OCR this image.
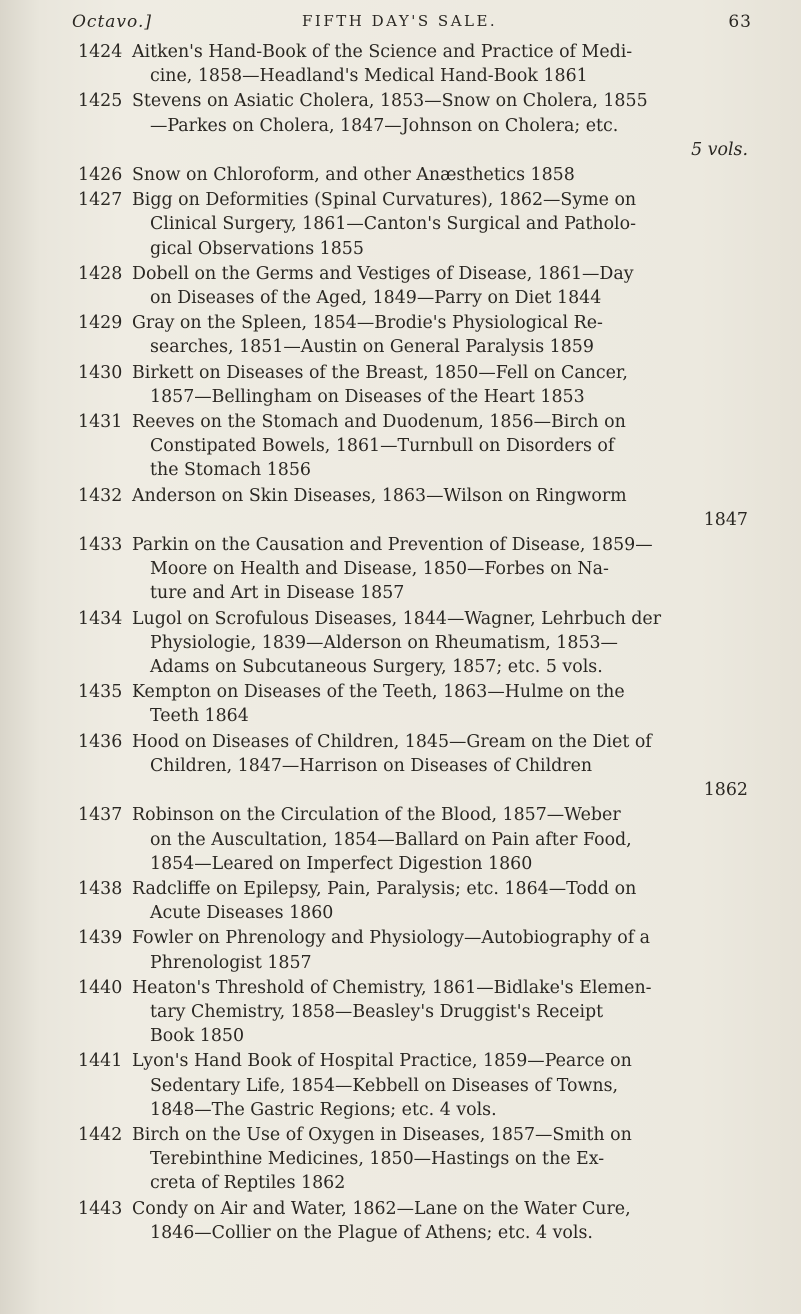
Octavo.]	FIFTH DAY'S SALE.	63
1424 Aitken's Hand-Book of the Science and Practice of Medi-
cine, 1858—Headland's Medical Hand-Book 1861
1425 Stevens on Asiatic Cholera, 1853—Snow on Cholera, 1855
—Parkes on Cholera, 1847—Johnson on Cholera; etc.
5 vols.
1426 Snow on Chloroform, and other Anæsthetics 1858
1427 Bigg on Deformities (Spinal Curvatures), 1862—Syme on
Clinical Surgery, 1861—Canton's Surgical and Patholo-
gical Observations 1855
1428 Dobell on the Germs and Vestiges of Disease, 1861—Day
on Diseases of the Aged, 1849—Parry on Diet 1844
1429 Gray on the Spleen, 1854—Brodie's Physiological Re-
searches, 1851—Austin on General Paralysis 1859
1430 Birkett on Diseases of the Breast, 1850—Fell on Cancer,
1857—Bellingham on Diseases of the Heart 1853
1431 Reeves on the Stomach and Duodenum, 1856—Birch on
Constipated Bowels, 1861—Turnbull on Disorders of
the Stomach 1856
1432 Anderson on Skin Diseases, 1863—Wilson on Ringworm
1847
1433 Parkin on the Causation and Prevention of Disease, 1859—
Moore on Health and Disease, 1850—Forbes on Na-
ture and Art in Disease 1857
1434 Lugol on Scrofulous Diseases, 1844—Wagner, Lehrbuch der
Physiologie, 1839—Alderson on Rheumatism, 1853—
Adams on Subcutaneous Surgery, 1857; etc. 5 vols.
1435 Kempton on Diseases of the Teeth, 1863—Hulme on the
Teeth 1864
1436 Hood on Diseases of Children, 1845—Gream on the Diet of
Children, 1847—Harrison on Diseases of Children
1862
1437 Robinson on the Circulation of the Blood, 1857—Weber
on the Auscultation, 1854—Ballard on Pain after Food,
1854—Leared on Imperfect Digestion 1860
1438 Radcliffe on Epilepsy, Pain, Paralysis; etc. 1864—Todd on
Acute Diseases 1860
1439 Fowler on Phrenology and Physiology—Autobiography of a
Phrenologist 1857
1440 Heaton's Threshold of Chemistry, 1861—Bidlake's Elemen-
tary Chemistry, 1858—Beasley's Druggist's Receipt
Book 1850
1441 Lyon's Hand Book of Hospital Practice, 1859—Pearce on
Sedentary Life, 1854—Kebbell on Diseases of Towns,
1848—The Gastric Regions; etc. 4 vols.
1442 Birch on the Use of Oxygen in Diseases, 1857—Smith on
Terebinthine Medicines, 1850—Hastings on the Ex-
creta of Reptiles 1862
1443 Condy on Air and Water, 1862—Lane on the Water Cure,
1846—Collier on the Plague of Athens; etc. 4 vols.
